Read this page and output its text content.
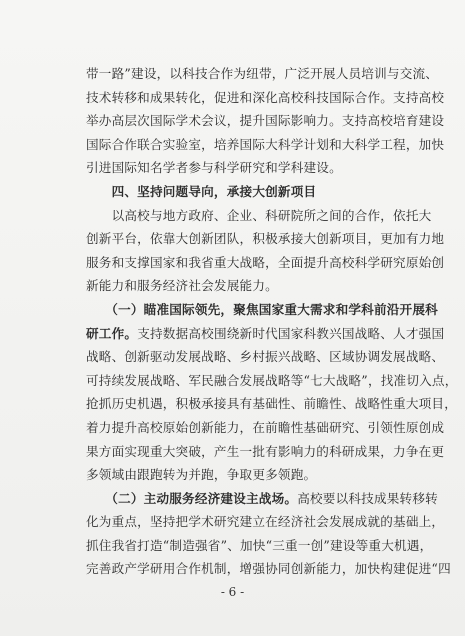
带一路”建设，以科技合作为纽带，广泛开展人员培训与交流、
技术转移和成果转化，促进和深化高校科技国际合作。支持高校
举办高层次国际学术会议，提升国际影响力。支持高校培育建设
国际合作联合实验室，培养国际大科学计划和大科学工程，加快
引进国际知名学者参与科学研究和学科建设。
　　四、坚持问题导向，承接大创新项目
　　以高校与地方政府、企业、科研院所之间的合作，依托大
创新平台，依靠大创新团队，积极承接大创新项目，更加有力地
服务和支撑国家和我省重大战略，全面提升高校科学研究原始创
新能力和服务经济社会发展能力。
　　（一）瞄准国际领先，聚焦国家重大需求和学科前沿开展科
研工作。支持数据高校围绕新时代国家科教兴国战略、人才强国
战略、创新驱动发展战略、乡村振兴战略、区域协调发展战略、
可持续发展战略、军民融合发展战略等“七大战略”，找准切入点，
抢抓历史机遇，积极承接具有基础性、前瞻性、战略性重大项目，
着力提升高校原始创新能力，在前瞻性基础研究、引领性原创成
果方面实现重大突破，产生一批有影响力的科研成果，力争在更
多领域由跟跑转为并跑，争取更多领跑。
　　（二）主动服务经济建设主战场。高校要以科技成果转移转
化为重点，坚持把学术研究建立在经济社会发展成就的基础上，
抓住我省打造“制造强省”、加快“三重一创”建设等重大机遇，
完善政产学研用合作机制，增强协同创新能力，加快构建促进“四
- 6 -
